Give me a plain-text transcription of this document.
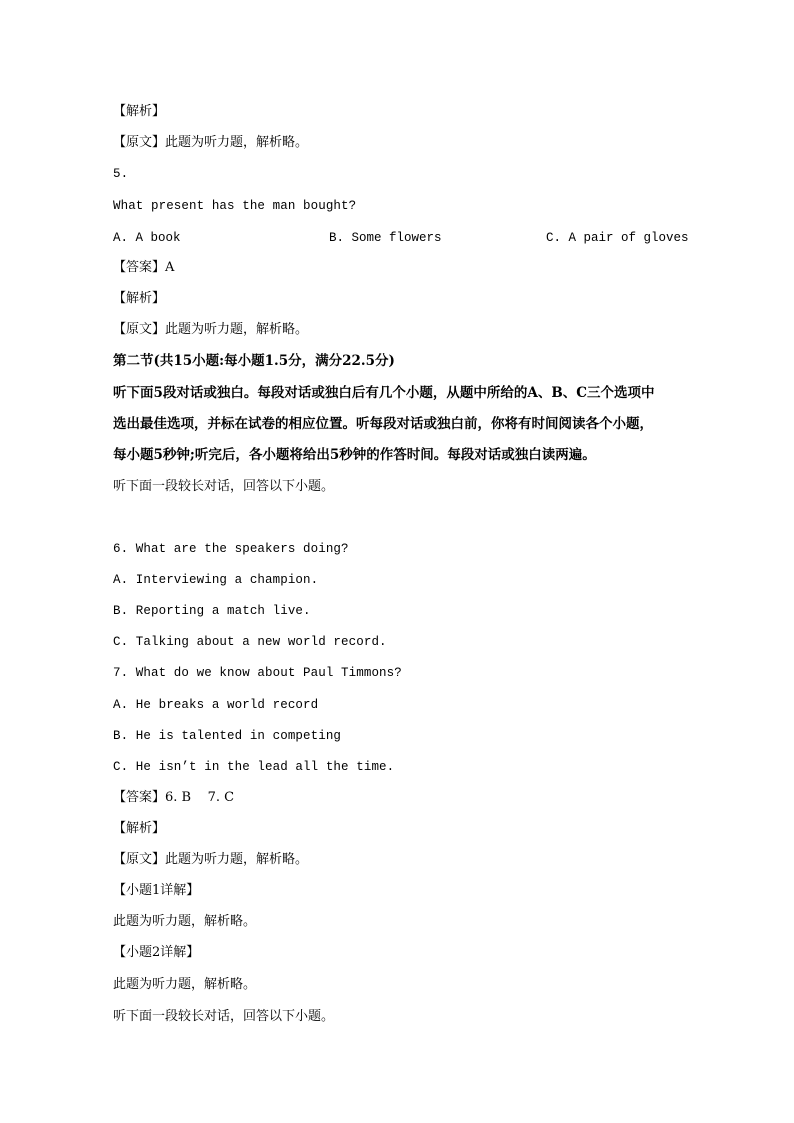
【解析】
【原文】此题为听力题，解析略。
5.
What present has the man bought?
A. A book	B. Some flowers	C. A pair of gloves
【答案】A
【解析】
【原文】此题为听力题，解析略。
第二节(共15小题:每小题1.5分，满分22.5分)
听下面5段对话或独白。每段对话或独白后有几个小题，从题中所给的A、B、C三个选项中
选出最佳选项，并标在试卷的相应位置。听每段对话或独白前，你将有时间阅读各个小题，
每小题5秒钟;听完后，各小题将给出5秒钟的作答时间。每段对话或独白读两遍。
听下面一段较长对话，回答以下小题。
6. What are the speakers doing?
A. Interviewing a champion.
B. Reporting a match live.
C. Talking about a new world record.
7. What do we know about Paul Timmons?
A. He breaks a world record
B. He is talented in competing
C. He isn’t in the lead all the time.
【答案】6. B    7. C
【解析】
【原文】此题为听力题，解析略。
【小题1详解】
此题为听力题，解析略。
【小题2详解】
此题为听力题，解析略。
听下面一段较长对话，回答以下小题。
